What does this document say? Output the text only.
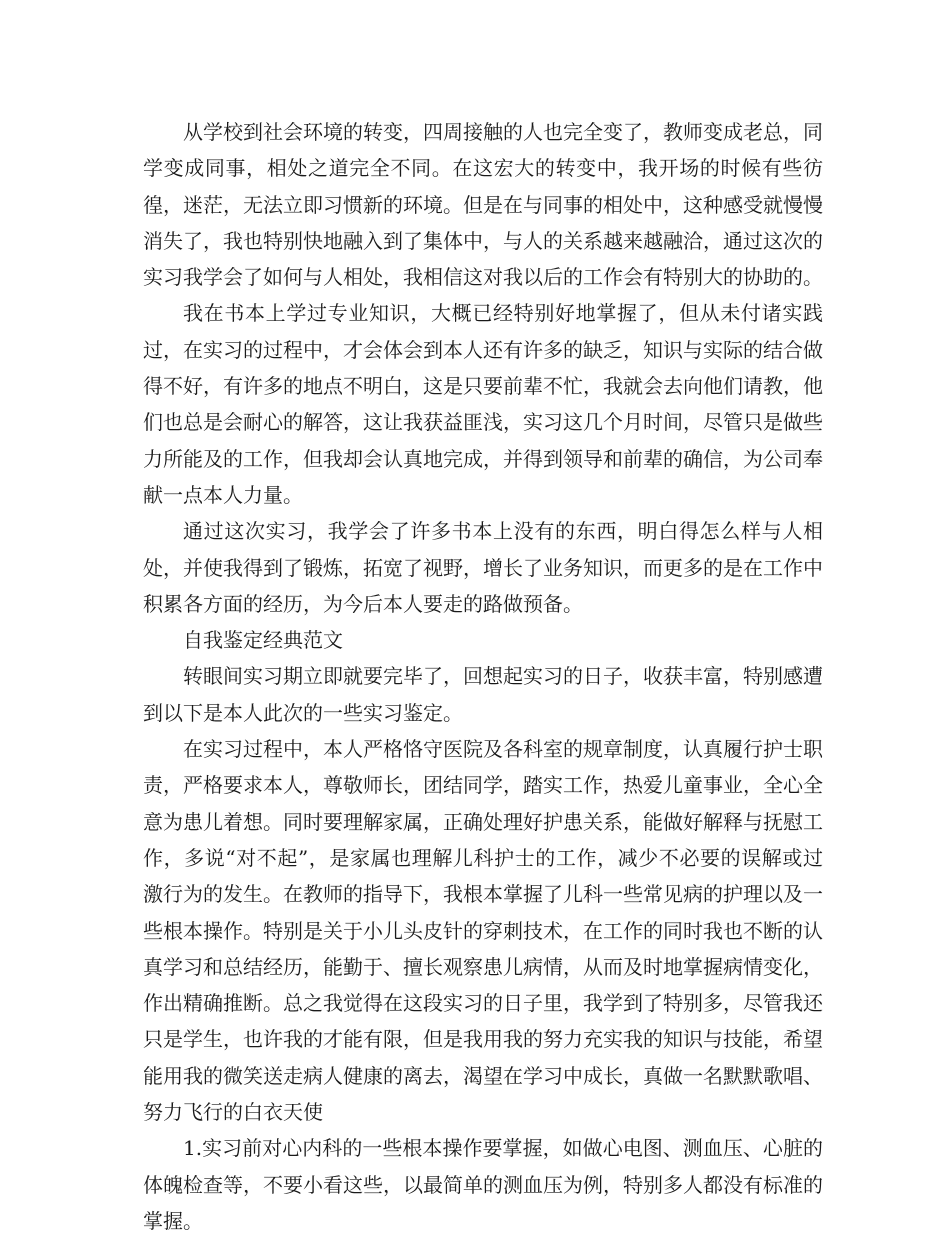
从学校到社会环境的转变，四周接触的人也完全变了，教师变成老总，同学变成同事，相处之道完全不同。在这宏大的转变中，我开场的时候有些彷徨，迷茫，无法立即习惯新的环境。但是在与同事的相处中，这种感受就慢慢消失了，我也特别快地融入到了集体中，与人的关系越来越融洽，通过这次的实习我学会了如何与人相处，我相信这对我以后的工作会有特别大的协助的。

我在书本上学过专业知识，大概已经特别好地掌握了，但从未付诸实践过，在实习的过程中，才会体会到本人还有许多的缺乏，知识与实际的结合做得不好，有许多的地点不明白，这是只要前辈不忙，我就会去向他们请教，他们也总是会耐心的解答，这让我获益匪浅，实习这几个月时间，尽管只是做些力所能及的工作，但我却会认真地完成，并得到领导和前辈的确信，为公司奉献一点本人力量。

通过这次实习，我学会了许多书本上没有的东西，明白得怎么样与人相处，并使我得到了锻炼，拓宽了视野，增长了业务知识，而更多的是在工作中积累各方面的经历，为今后本人要走的路做预备。

自我鉴定经典范文

转眼间实习期立即就要完毕了，回想起实习的日子，收获丰富，特别感遭到以下是本人此次的一些实习鉴定。

在实习过程中，本人严格恪守医院及各科室的规章制度，认真履行护士职责，严格要求本人，尊敬师长，团结同学，踏实工作，热爱儿童事业，全心全意为患儿着想。同时要理解家属，正确处理好护患关系，能做好解释与抚慰工作，多说“对不起”，是家属也理解儿科护士的工作，减少不必要的误解或过激行为的发生。在教师的指导下，我根本掌握了儿科一些常见病的护理以及一些根本操作。特别是关于小儿头皮针的穿刺技术，在工作的同时我也不断的认真学习和总结经历，能勤于、擅长观察患儿病情，从而及时地掌握病情变化，作出精确推断。总之我觉得在这段实习的日子里，我学到了特别多，尽管我还只是学生，也许我的才能有限，但是我用我的努力充实我的知识与技能，希望能用我的微笑送走病人健康的离去，渴望在学习中成长，真做一名默默歌唱、努力飞行的白衣天使

1.实习前对心内科的一些根本操作要掌握，如做心电图、测血压、心脏的体魄检查等，不要小看这些，以最简单的测血压为例，特别多人都没有标准的掌握。
